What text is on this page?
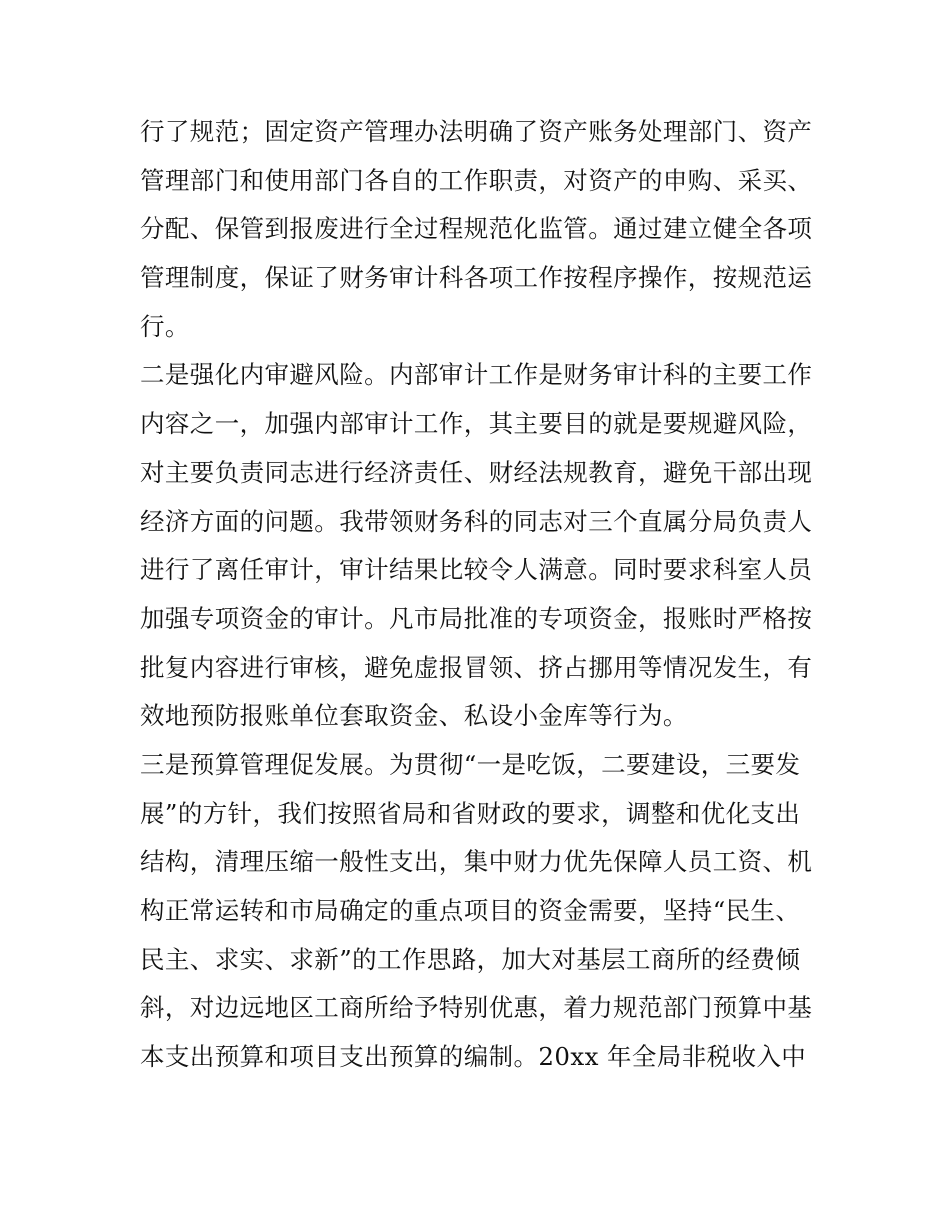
行了规范；固定资产管理办法明确了资产账务处理部门、资产
管理部门和使用部门各自的工作职责，对资产的申购、采买、
分配、保管到报废进行全过程规范化监管。通过建立健全各项
管理制度，保证了财务审计科各项工作按程序操作，按规范运
行。
二是强化内审避风险。内部审计工作是财务审计科的主要工作
内容之一，加强内部审计工作，其主要目的就是要规避风险，
对主要负责同志进行经济责任、财经法规教育，避免干部出现
经济方面的问题。我带领财务科的同志对三个直属分局负责人
进行了离任审计，审计结果比较令人满意。同时要求科室人员
加强专项资金的审计。凡市局批准的专项资金，报账时严格按
批复内容进行审核，避免虚报冒领、挤占挪用等情况发生，有
效地预防报账单位套取资金、私设小金库等行为。
三是预算管理促发展。为贯彻“一是吃饭，二要建设，三要发
展”的方针，我们按照省局和省财政的要求，调整和优化支出
结构，清理压缩一般性支出，集中财力优先保障人员工资、机
构正常运转和市局确定的重点项目的资金需要，坚持“民生、
民主、求实、求新”的工作思路，加大对基层工商所的经费倾
斜，对边远地区工商所给予特别优惠，着力规范部门预算中基
本支出预算和项目支出预算的编制。20xx 年全局非税收入中
